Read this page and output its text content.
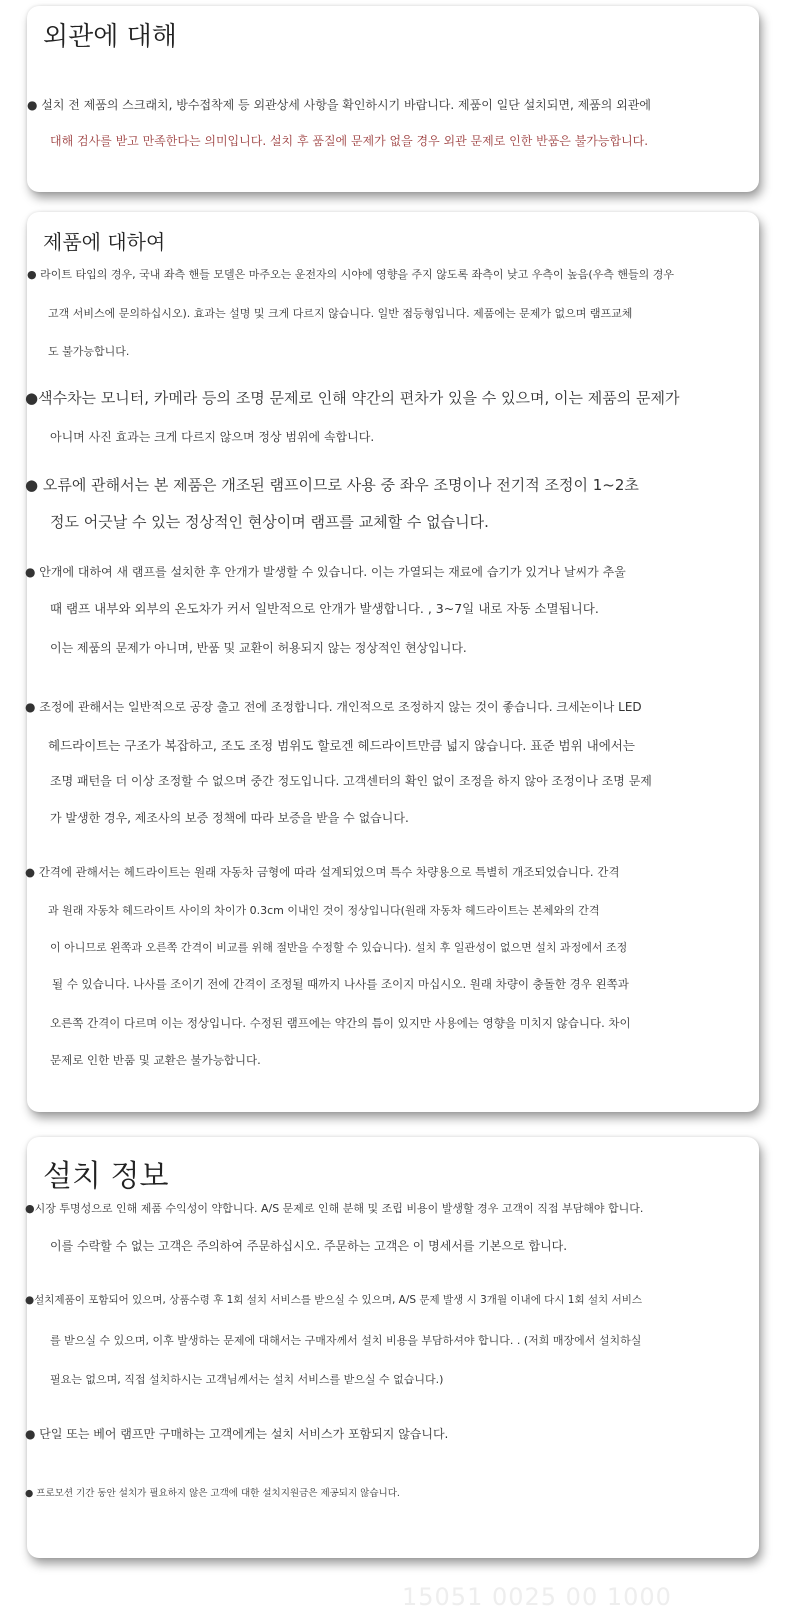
외관에 대해
● 설치 전 제품의 스크래치, 방수접착제 등 외관상세 사항을 확인하시기 바랍니다. 제품이 일단 설치되면, 제품의 외관에
대해 검사를 받고 만족한다는 의미입니다. 설치 후 품질에 문제가 없을 경우 외관 문제로 인한 반품은 불가능합니다.
제품에 대하여
● 라이트 타입의 경우, 국내 좌측 핸들 모델은 마주오는 운전자의 시야에 영향을 주지 않도록 좌측이 낮고 우측이 높음(우측 핸들의 경우
고객 서비스에 문의하십시오). 효과는 설명 및 크게 다르지 않습니다. 일반 점등형입니다. 제품에는 문제가 없으며 램프교체
도 불가능합니다.
●색수차는 모니터, 카메라 등의 조명 문제로 인해 약간의 편차가 있을 수 있으며, 이는 제품의 문제가
아니며 사진 효과는 크게 다르지 않으며 정상 범위에 속합니다.
● 오류에 관해서는 본 제품은 개조된 램프이므로 사용 중 좌우 조명이나 전기적 조정이 1~2초
정도 어긋날 수 있는 정상적인 현상이며 램프를 교체할 수 없습니다.
● 안개에 대하여 새 램프를 설치한 후 안개가 발생할 수 있습니다. 이는 가열되는 재료에 습기가 있거나 날씨가 추울
때 램프 내부와 외부의 온도차가 커서 일반적으로 안개가 발생합니다. , 3~7일 내로 자동 소멸됩니다.
이는 제품의 문제가 아니며, 반품 및 교환이 허용되지 않는 정상적인 현상입니다.
● 조정에 관해서는 일반적으로 공장 출고 전에 조정합니다. 개인적으로 조정하지 않는 것이 좋습니다. 크세논이나 LED
헤드라이트는 구조가 복잡하고, 조도 조정 범위도 할로겐 헤드라이트만큼 넓지 않습니다. 표준 범위 내에서는
조명 패턴을 더 이상 조정할 수 없으며 중간 정도입니다. 고객센터의 확인 없이 조정을 하지 않아 조정이나 조명 문제
가 발생한 경우, 제조사의 보증 정책에 따라 보증을 받을 수 없습니다.
● 간격에 관해서는 헤드라이트는 원래 자동차 금형에 따라 설계되었으며 특수 차량용으로 특별히 개조되었습니다. 간격
과 원래 자동차 헤드라이트 사이의 차이가 0.3cm 이내인 것이 정상입니다(원래 자동차 헤드라이트는 본체와의 간격
이 아니므로 왼쪽과 오른쪽 간격이 비교를 위해 절반을 수정할 수 있습니다). 설치 후 일관성이 없으면 설치 과정에서 조정
될 수 있습니다. 나사를 조이기 전에 간격이 조정될 때까지 나사를 조이지 마십시오. 원래 차량이 충돌한 경우 왼쪽과
오른쪽 간격이 다르며 이는 정상입니다. 수정된 램프에는 약간의 틈이 있지만 사용에는 영향을 미치지 않습니다. 차이
문제로 인한 반품 및 교환은 불가능합니다.
설치 정보
●시장 투명성으로 인해 제품 수익성이 약합니다. A/S 문제로 인해 분해 및 조립 비용이 발생할 경우 고객이 직접 부담해야 합니다.
이를 수락할 수 없는 고객은 주의하여 주문하십시오. 주문하는 고객은 이 명세서를 기본으로 합니다.
●설치제품이 포함되어 있으며, 상품수령 후 1회 설치 서비스를 받으실 수 있으며, A/S 문제 발생 시 3개월 이내에 다시 1회 설치 서비스
를 받으실 수 있으며, 이후 발생하는 문제에 대해서는 구매자께서 설치 비용을 부담하셔야 합니다. . (저희 매장에서 설치하실
필요는 없으며, 직접 설치하시는 고객님께서는 설치 서비스를 받으실 수 없습니다.)
● 단일 또는 베어 램프만 구매하는 고객에게는 설치 서비스가 포함되지 않습니다.
● 프로모션 기간 동안 설치가 필요하지 않은 고객에 대한 설치지원금은 제공되지 않습니다.
15051 0025 00 1000
